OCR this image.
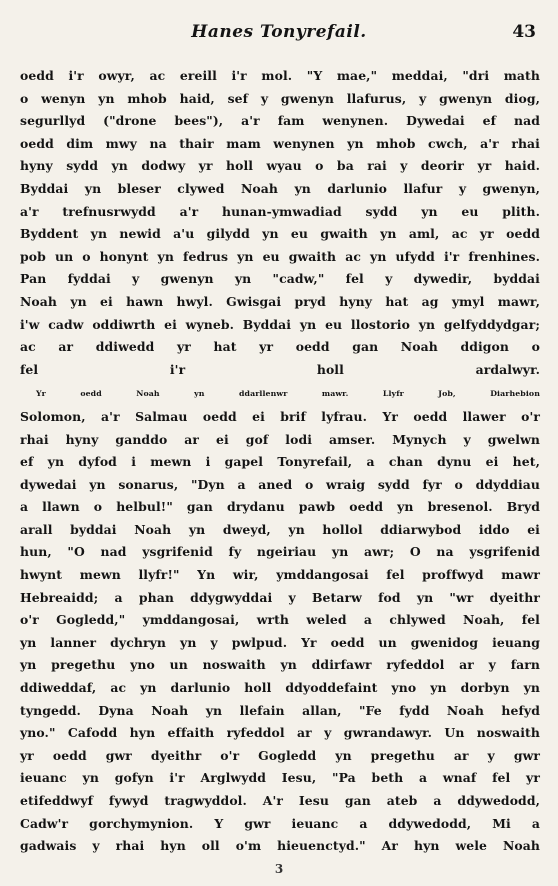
Hanes Tonyrefail.	43
oedd i'r owyr, ac ereill i'r mol. "Y mae," meddai, "dri math
o wenyn yn mhob haid, sef y gwenyn llafurus, y gwenyn diog,
segurllyd ("drone bees"), a'r fam wenynen. Dywedai ef nad
oedd dim mwy na thair mam wenynen yn mhob cwch, a'r rhai
hyny sydd yn dodwy yr holl wyau o ba rai y deorir yr haid.
Byddai yn bleser clywed Noah yn darlunio llafur y gwenyn,
a'r trefnusrwydd a'r hunan-ymwadiad sydd yn eu plith.
Byddent yn newid a'u gilydd yn eu gwaith yn aml, ac yr oedd
pob un o honynt yn fedrus yn eu gwaith ac yn ufydd i'r frenhines.
Pan fyddai y gwenyn yn "cadw," fel y dywedir, byddai
Noah yn ei hawn hwyl. Gwisgai pryd hyny hat ag ymyl mawr,
i'w cadw oddiwrth ei wyneb. Byddai yn eu llostorio yn gelfyddydgar;
ac ar ddiwedd yr hat yr oedd gan Noah ddigon o
fel i'r holl ardalwyr.
Yr oedd Noah yn ddarllenwr mawr. Llyfr Job, Diarhebion
Solomon, a'r Salmau oedd ei brif lyfrau. Yr oedd llawer o'r
rhai hyny ganddo ar ei gof lodi amser. Mynych y gwelwn
ef yn dyfod i mewn i gapel Tonyrefail, a chan dynu ei het,
dywedai yn sonarus, "Dyn a aned o wraig sydd fyr o ddyddiau
a llawn o helbul!" gan drydanu pawb oedd yn bresenol. Bryd
arall byddai Noah yn dweyd, yn hollol ddiarwybod iddo ei
hun, "O nad ysgrifenid fy ngeiriau yn awr; O na ysgrifenid
hwynt mewn llyfr!" Yn wir, ymddangosai fel proffwyd mawr
Hebreaidd; a phan ddygwyddai y Betarw fod yn "wr dyeithr
o'r Gogledd," ymddangosai, wrth weled a chlywed Noah, fel
yn lanner dychryn yn y pwlpud. Yr oedd un gwenidog ieuang
yn pregethu yno un noswaith yn ddirfawr ryfeddol ar y farn
ddiweddaf, ac yn darlunio holl ddyoddefaint yno yn dorbyn yn
tyngedd. Dyna Noah yn llefain allan, "Fe fydd Noah hefyd
yno." Cafodd hyn effaith ryfeddol ar y gwrandawyr. Un noswaith
yr oedd gwr dyeithr o'r Gogledd yn pregethu ar y gwr
ieuanc yn gofyn i'r Arglwydd Iesu, "Pa beth a wnaf fel yr
etifeddwyf fywyd tragwyddol. A'r Iesu gan ateb a ddywedodd,
Cadw'r gorchymynion. Y gwr ieuanc a ddywedodd, Mi a
gadwais y rhai hyn oll o'm hieuenctyd." Ar hyn wele Noah
3
